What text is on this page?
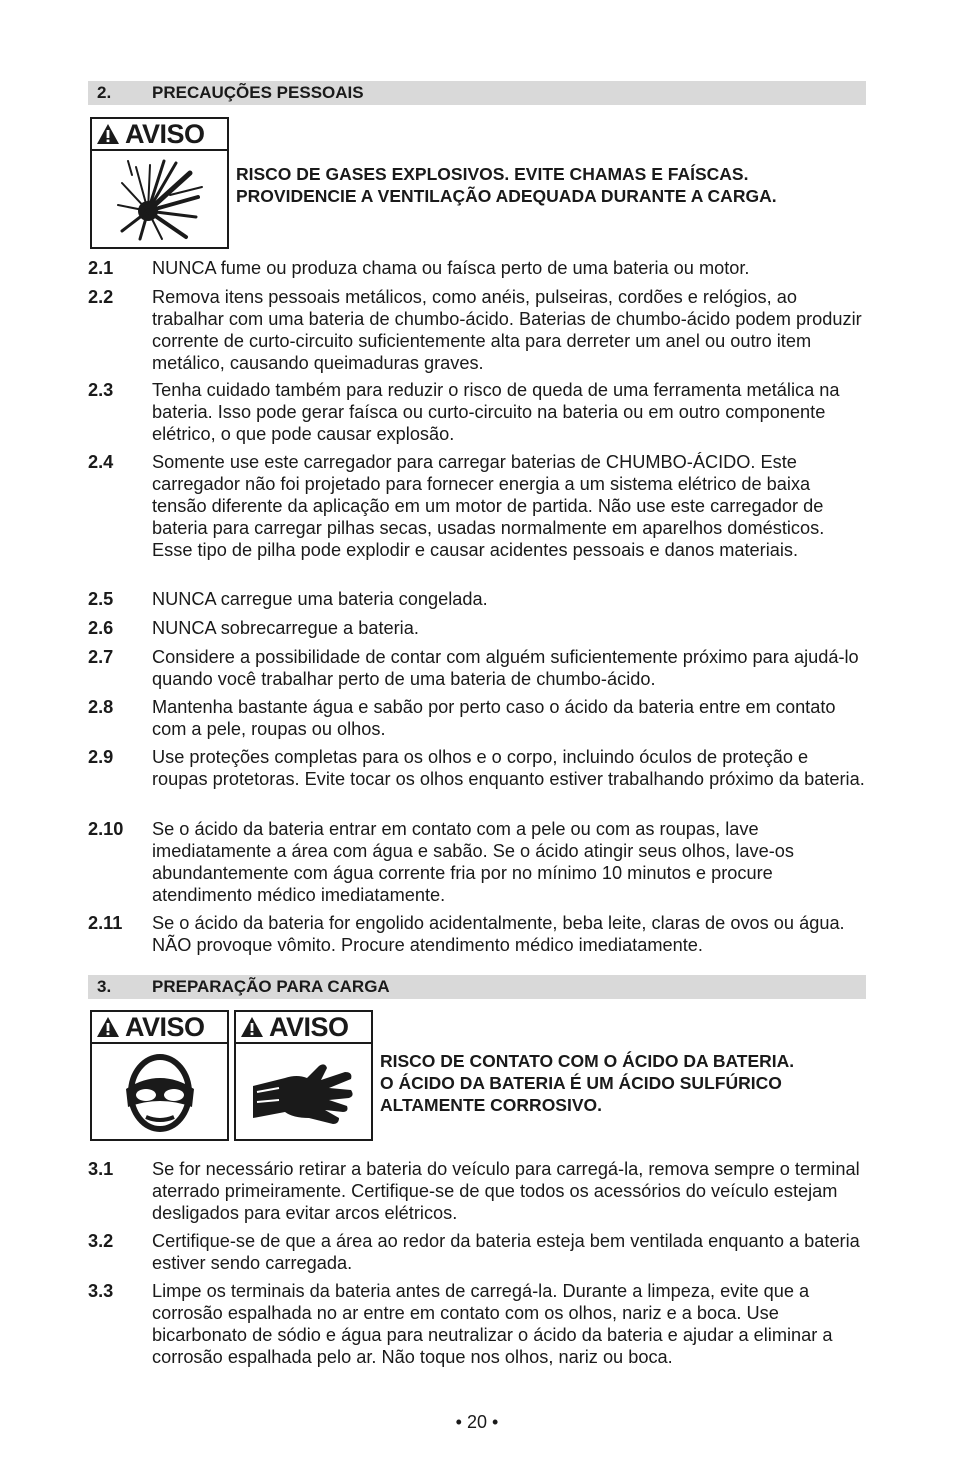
2. PRECAUÇÕES PESSOAIS
AVISO
RISCO DE GASES EXPLOSIVOS. EVITE CHAMAS E FAÍSCAS.
PROVIDENCIE A VENTILAÇÃO ADEQUADA DURANTE A CARGA.
2.1 NUNCA fume ou produza chama ou faísca perto de uma bateria ou motor.
2.2 Remova itens pessoais metálicos, como anéis, pulseiras, cordões e relógios, ao trabalhar com uma bateria de chumbo-ácido. Baterias de chumbo-ácido podem produzir corrente de curto-circuito suficientemente alta para derreter um anel ou outro item metálico, causando queimaduras graves.
2.3 Tenha cuidado também para reduzir o risco de queda de uma ferramenta metálica na bateria. Isso pode gerar faísca ou curto-circuito na bateria ou em outro componente elétrico, o que pode causar explosão.
2.4 Somente use este carregador para carregar baterias de CHUMBO-ÁCIDO. Este carregador não foi projetado para fornecer energia a um sistema elétrico de baixa tensão diferente da aplicação em um motor de partida. Não use este carregador de bateria para carregar pilhas secas, usadas normalmente em aparelhos domésticos. Esse tipo de pilha pode explodir e causar acidentes pessoais e danos materiais.
2.5 NUNCA carregue uma bateria congelada.
2.6 NUNCA sobrecarregue a bateria.
2.7 Considere a possibilidade de contar com alguém suficientemente próximo para ajudá-lo quando você trabalhar perto de uma bateria de chumbo-ácido.
2.8 Mantenha bastante água e sabão por perto caso o ácido da bateria entre em contato com a pele, roupas ou olhos.
2.9 Use proteções completas para os olhos e o corpo, incluindo óculos de proteção e roupas protetoras. Evite tocar os olhos enquanto estiver trabalhando próximo da bateria.
2.10 Se o ácido da bateria entrar em contato com a pele ou com as roupas, lave imediatamente a área com água e sabão. Se o ácido atingir seus olhos, lave-os abundantemente com água corrente fria por no mínimo 10 minutos e procure atendimento médico imediatamente.
2.11 Se o ácido da bateria for engolido acidentalmente, beba leite, claras de ovos ou água. NÃO provoque vômito. Procure atendimento médico imediatamente.
3. PREPARAÇÃO PARA CARGA
AVISO AVISO
RISCO DE CONTATO COM O ÁCIDO DA BATERIA.
O ÁCIDO DA BATERIA É UM ÁCIDO SULFÚRICO
ALTAMENTE CORROSIVO.
3.1 Se for necessário retirar a bateria do veículo para carregá-la, remova sempre o terminal aterrado primeiramente. Certifique-se de que todos os acessórios do veículo estejam desligados para evitar arcos elétricos.
3.2 Certifique-se de que a área ao redor da bateria esteja bem ventilada enquanto a bateria estiver sendo carregada.
3.3 Limpe os terminais da bateria antes de carregá-la. Durante a limpeza, evite que a corrosão espalhada no ar entre em contato com os olhos, nariz e a boca. Use bicarbonato de sódio e água para neutralizar o ácido da bateria e ajudar a eliminar a corrosão espalhada pelo ar. Não toque nos olhos, nariz ou boca.
• 20 •
